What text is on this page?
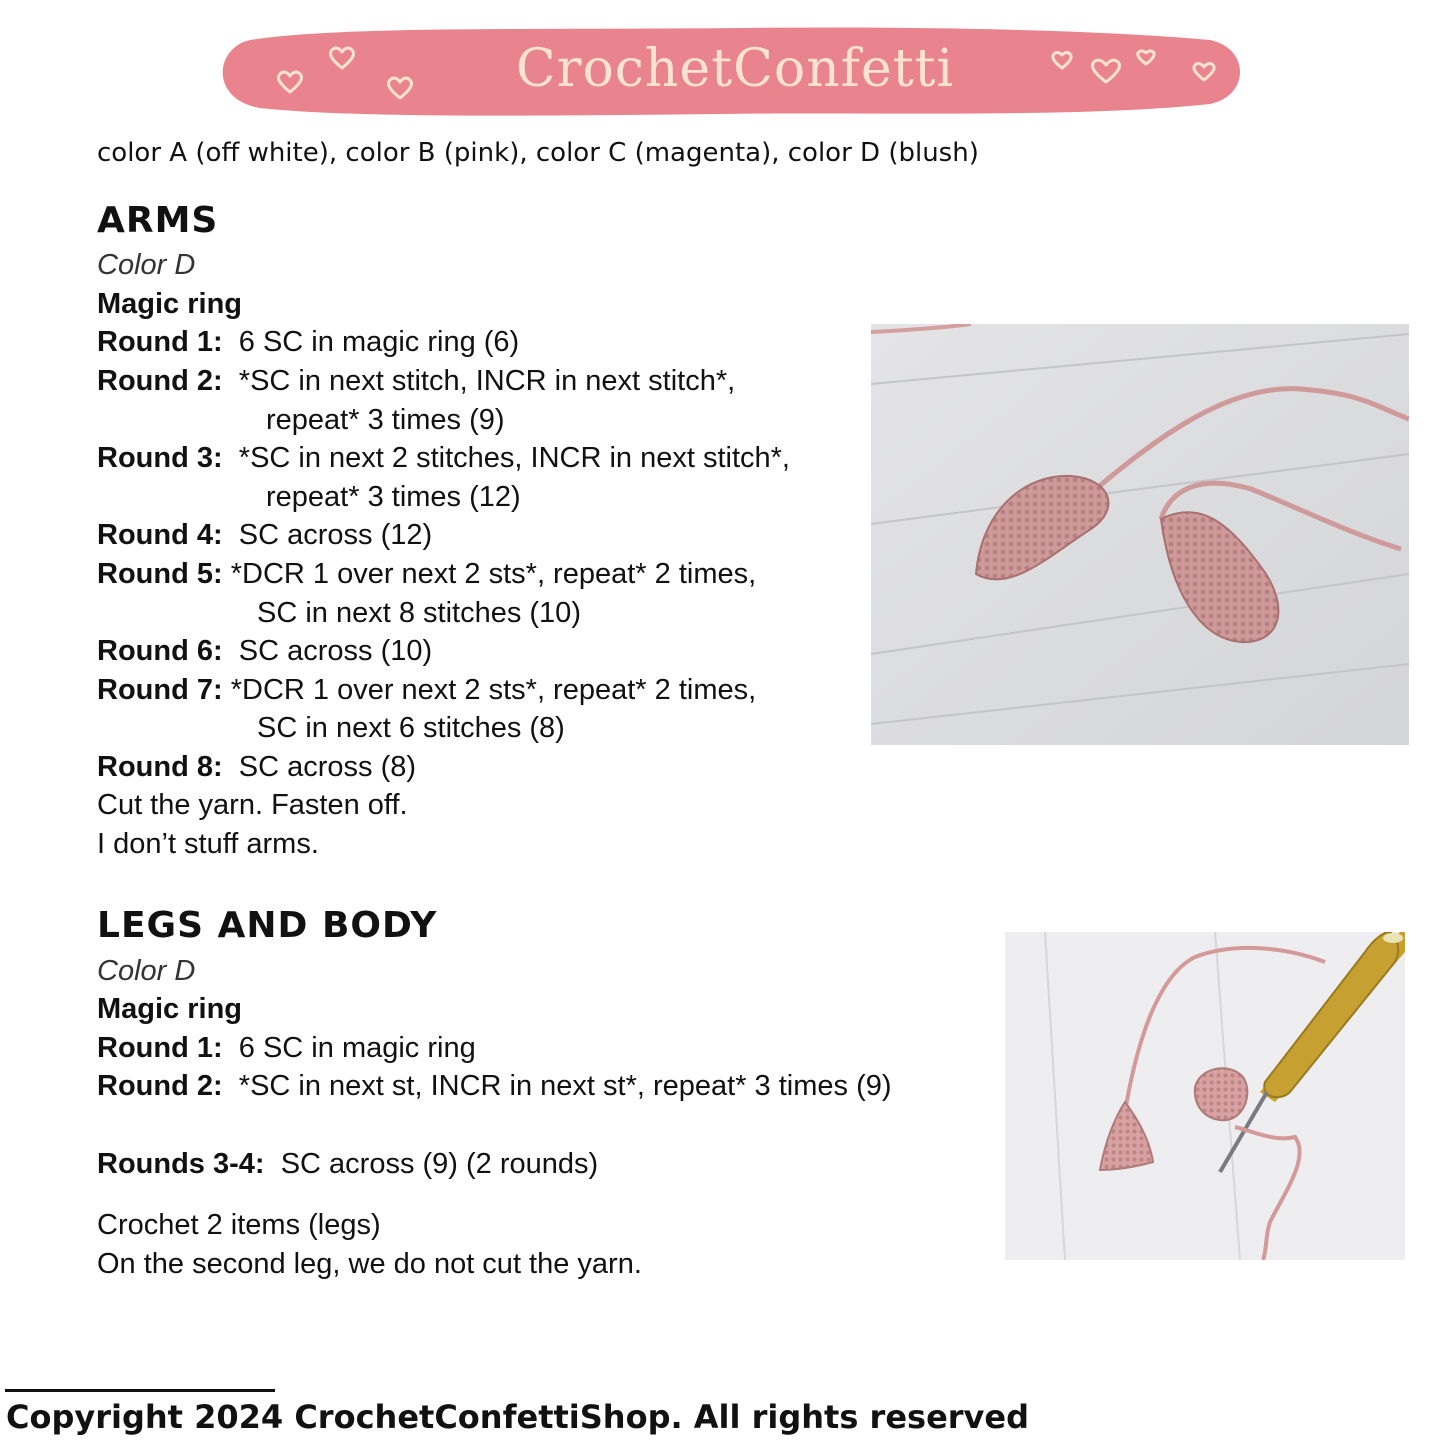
CrochetConfetti
color A (off white), color B (pink), color C (magenta), color D (blush)
ARMS
Color D
Magic ring
Round 1: 6 SC in magic ring (6)
Round 2: *SC in next stitch, INCR in next stitch*,
repeat* 3 times (9)
Round 3: *SC in next 2 stitches, INCR in next stitch*,
repeat* 3 times (12)
Round 4: SC across (12)
Round 5: *DCR 1 over next 2 sts*, repeat* 2 times,
SC in next 8 stitches (10)
Round 6: SC across (10)
Round 7: *DCR 1 over next 2 sts*, repeat* 2 times,
SC in next 6 stitches (8)
Round 8: SC across (8)
Cut the yarn. Fasten off.
I don’t stuff arms.
LEGS AND BODY
Color D
Magic ring
Round 1: 6 SC in magic ring
Round 2: *SC in next st, INCR in next st*, repeat* 3 times (9)
Rounds 3-4: SC across (9) (2 rounds)
Crochet 2 items (legs)
On the second leg, we do not cut the yarn.
Copyright 2024 CrochetConfettiShop. All rights reserved
